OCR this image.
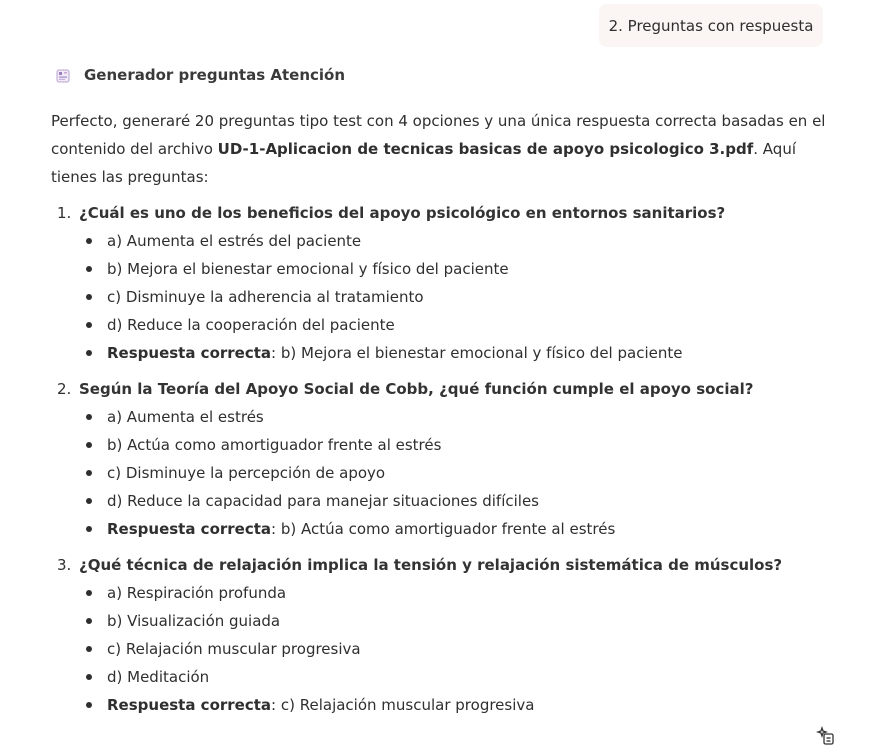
2. Preguntas con respuesta
Generador preguntas Atención

Perfecto, generaré 20 preguntas tipo test con 4 opciones y una única respuesta correcta basadas en el contenido del archivo UD-1-Aplicacion de tecnicas basicas de apoyo psicologico 3.pdf. Aquí tienes las preguntas:

1. ¿Cuál es uno de los beneficios del apoyo psicológico en entornos sanitarios?
a) Aumenta el estrés del paciente
b) Mejora el bienestar emocional y físico del paciente
c) Disminuye la adherencia al tratamiento
d) Reduce la cooperación del paciente
Respuesta correcta: b) Mejora el bienestar emocional y físico del paciente
2. Según la Teoría del Apoyo Social de Cobb, ¿qué función cumple el apoyo social?
a) Aumenta el estrés
b) Actúa como amortiguador frente al estrés
c) Disminuye la percepción de apoyo
d) Reduce la capacidad para manejar situaciones difíciles
Respuesta correcta: b) Actúa como amortiguador frente al estrés
3. ¿Qué técnica de relajación implica la tensión y relajación sistemática de músculos?
a) Respiración profunda
b) Visualización guiada
c) Relajación muscular progresiva
d) Meditación
Respuesta correcta: c) Relajación muscular progresiva
